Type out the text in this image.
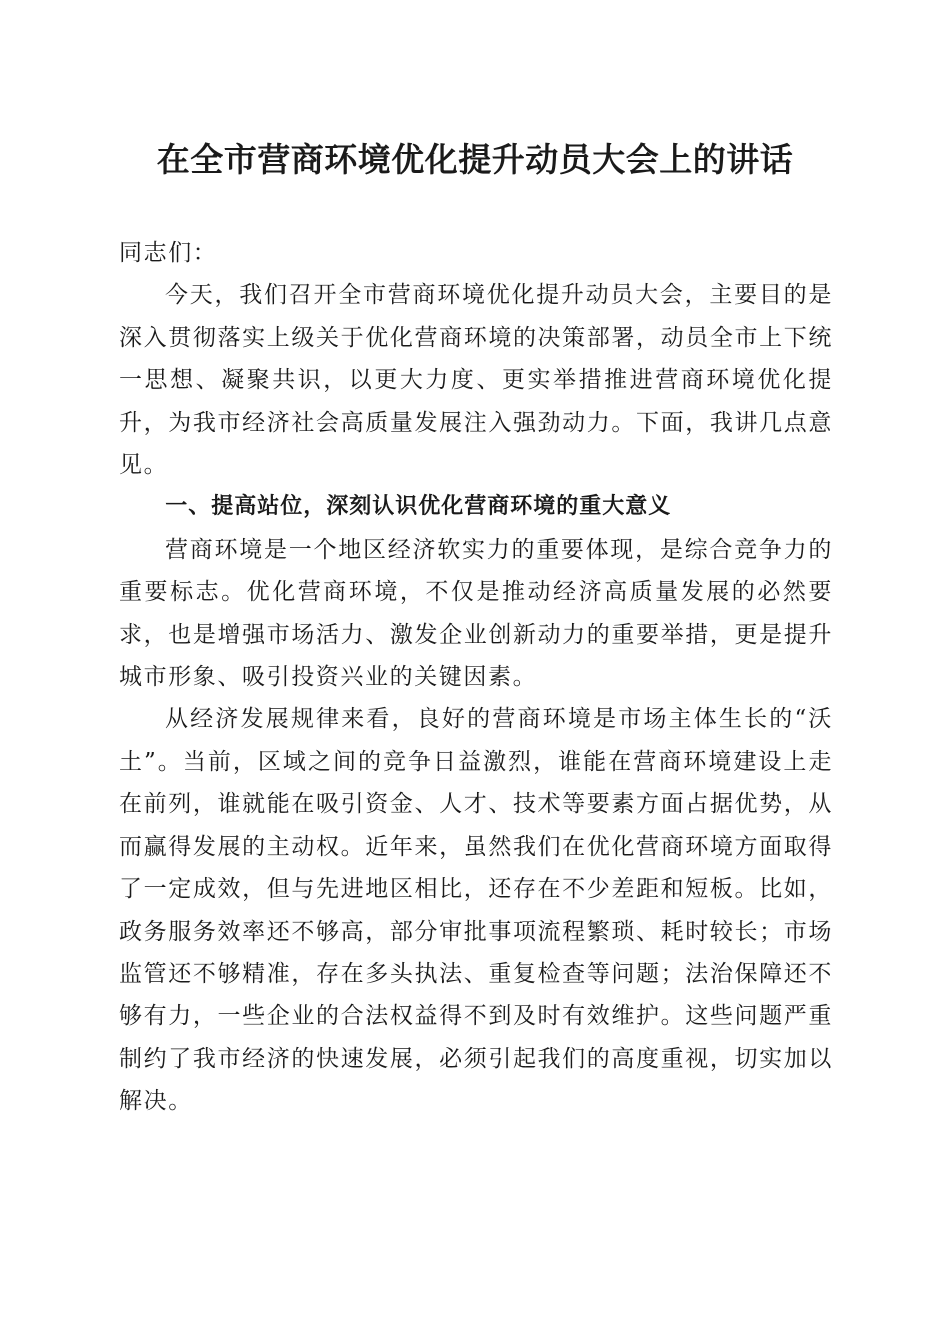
在全市营商环境优化提升动员大会上的讲话

同志们：

今天，我们召开全市营商环境优化提升动员大会，主要目的是深入贯彻落实上级关于优化营商环境的决策部署，动员全市上下统一思想、凝聚共识，以更大力度、更实举措推进营商环境优化提升，为我市经济社会高质量发展注入强劲动力。下面，我讲几点意见。

一、提高站位，深刻认识优化营商环境的重大意义

营商环境是一个地区经济软实力的重要体现，是综合竞争力的重要标志。优化营商环境，不仅是推动经济高质量发展的必然要求，也是增强市场活力、激发企业创新动力的重要举措，更是提升城市形象、吸引投资兴业的关键因素。

从经济发展规律来看，良好的营商环境是市场主体生长的“沃土”。当前，区域之间的竞争日益激烈，谁能在营商环境建设上走在前列，谁就能在吸引资金、人才、技术等要素方面占据优势，从而赢得发展的主动权。近年来，虽然我们在优化营商环境方面取得了一定成效，但与先进地区相比，还存在不少差距和短板。比如，政务服务效率还不够高，部分审批事项流程繁琐、耗时较长；市场监管还不够精准，存在多头执法、重复检查等问题；法治保障还不够有力，一些企业的合法权益得不到及时有效维护。这些问题严重制约了我市经济的快速发展，必须引起我们的高度重视，切实加以解决。
